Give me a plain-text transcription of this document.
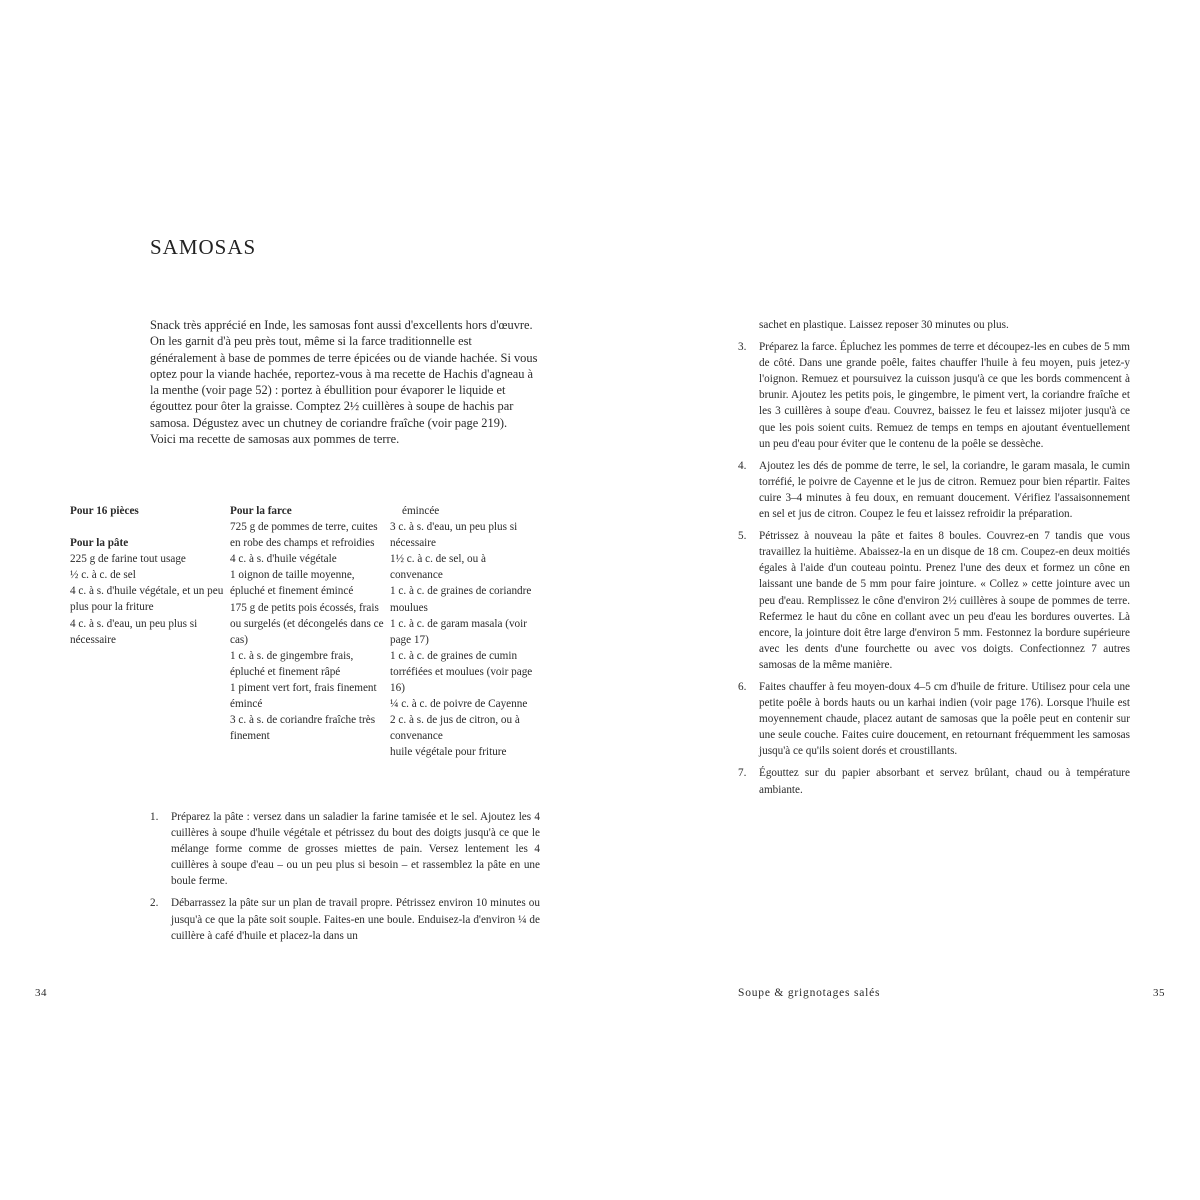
SAMOSAS

Snack très apprécié en Inde, les samosas font aussi d'excellents hors d'œuvre. On les garnit d'à peu près tout, même si la farce traditionnelle est généralement à base de pommes de terre épicées ou de viande hachée. Si vous optez pour la viande hachée, reportez-vous à ma recette de Hachis d'agneau à la menthe (voir page 52) : portez à ébullition pour évaporer le liquide et égouttez pour ôter la graisse. Comptez 2½ cuillères à soupe de hachis par samosa. Dégustez avec un chutney de coriandre fraîche (voir page 219).

Voici ma recette de samosas aux pommes de terre.

Pour 16 pièces
Pour la pâte
225 g de farine tout usage
½ c. à c. de sel
4 c. à s. d'huile végétale, et un peu plus pour la friture
4 c. à s. d'eau, un peu plus si nécessaire
Pour la farce
725 g de pommes de terre, cuites en robe des champs et refroidies
4 c. à s. d'huile végétale
1 oignon de taille moyenne, épluché et finement émincé
175 g de petits pois écossés, frais ou surgelés (et décongelés dans ce cas)
1 c. à s. de gingembre frais, épluché et finement râpé
1 piment vert fort, frais finement émincé
3 c. à s. de coriandre fraîche très finement
émincée
3 c. à s. d'eau, un peu plus si nécessaire
1½ c. à c. de sel, ou à convenance
1 c. à c. de graines de coriandre moulues
1 c. à c. de garam masala (voir page 17)
1 c. à c. de graines de cumin torréfiées et moulues (voir page 16)
¼ c. à c. de poivre de Cayenne
2 c. à s. de jus de citron, ou à convenance
huile végétale pour friture
1. Préparez la pâte : versez dans un saladier la farine tamisée et le sel. Ajoutez les 4 cuillères à soupe d'huile végétale et pétrissez du bout des doigts jusqu'à ce que le mélange forme comme de grosses miettes de pain. Versez lentement les 4 cuillères à soupe d'eau – ou un peu plus si besoin – et rassemblez la pâte en une boule ferme.
2. Débarrassez la pâte sur un plan de travail propre. Pétrissez environ 10 minutes ou jusqu'à ce que la pâte soit souple. Faites-en une boule. Enduisez-la d'environ ¼ de cuillère à café d'huile et placez-la dans un
sachet en plastique. Laissez reposer 30 minutes ou plus.
3. Préparez la farce. Épluchez les pommes de terre et découpez-les en cubes de 5 mm de côté. Dans une grande poêle, faites chauffer l'huile à feu moyen, puis jetez-y l'oignon. Remuez et poursuivez la cuisson jusqu'à ce que les bords commencent à brunir. Ajoutez les petits pois, le gingembre, le piment vert, la coriandre fraîche et les 3 cuillères à soupe d'eau. Couvrez, baissez le feu et laissez mijoter jusqu'à ce que les pois soient cuits. Remuez de temps en temps en ajoutant éventuellement un peu d'eau pour éviter que le contenu de la poêle se dessèche.
4. Ajoutez les dés de pomme de terre, le sel, la coriandre, le garam masala, le cumin torréfié, le poivre de Cayenne et le jus de citron. Remuez pour bien répartir. Faites cuire 3–4 minutes à feu doux, en remuant doucement. Vérifiez l'assaisonnement en sel et jus de citron. Coupez le feu et laissez refroidir la préparation.
5. Pétrissez à nouveau la pâte et faites 8 boules. Couvrez-en 7 tandis que vous travaillez la huitième. Abaissez-la en un disque de 18 cm. Coupez-en deux moitiés égales à l'aide d'un couteau pointu. Prenez l'une des deux et formez un cône en laissant une bande de 5 mm pour faire jointure. « Collez » cette jointure avec un peu d'eau. Remplissez le cône d'environ 2½ cuillères à soupe de pommes de terre. Refermez le haut du cône en collant avec un peu d'eau les bordures ouvertes. Là encore, la jointure doit être large d'environ 5 mm. Festonnez la bordure supérieure avec les dents d'une fourchette ou avec vos doigts. Confectionnez 7 autres samosas de la même manière.
6. Faites chauffer à feu moyen-doux 4–5 cm d'huile de friture. Utilisez pour cela une petite poêle à bords hauts ou un karhai indien (voir page 176). Lorsque l'huile est moyennement chaude, placez autant de samosas que la poêle peut en contenir sur une seule couche. Faites cuire doucement, en retournant fréquemment les samosas jusqu'à ce qu'ils soient dorés et croustillants.
7. Égouttez sur du papier absorbant et servez brûlant, chaud ou à température ambiante.
34	Soupe & grignotages salés	35
